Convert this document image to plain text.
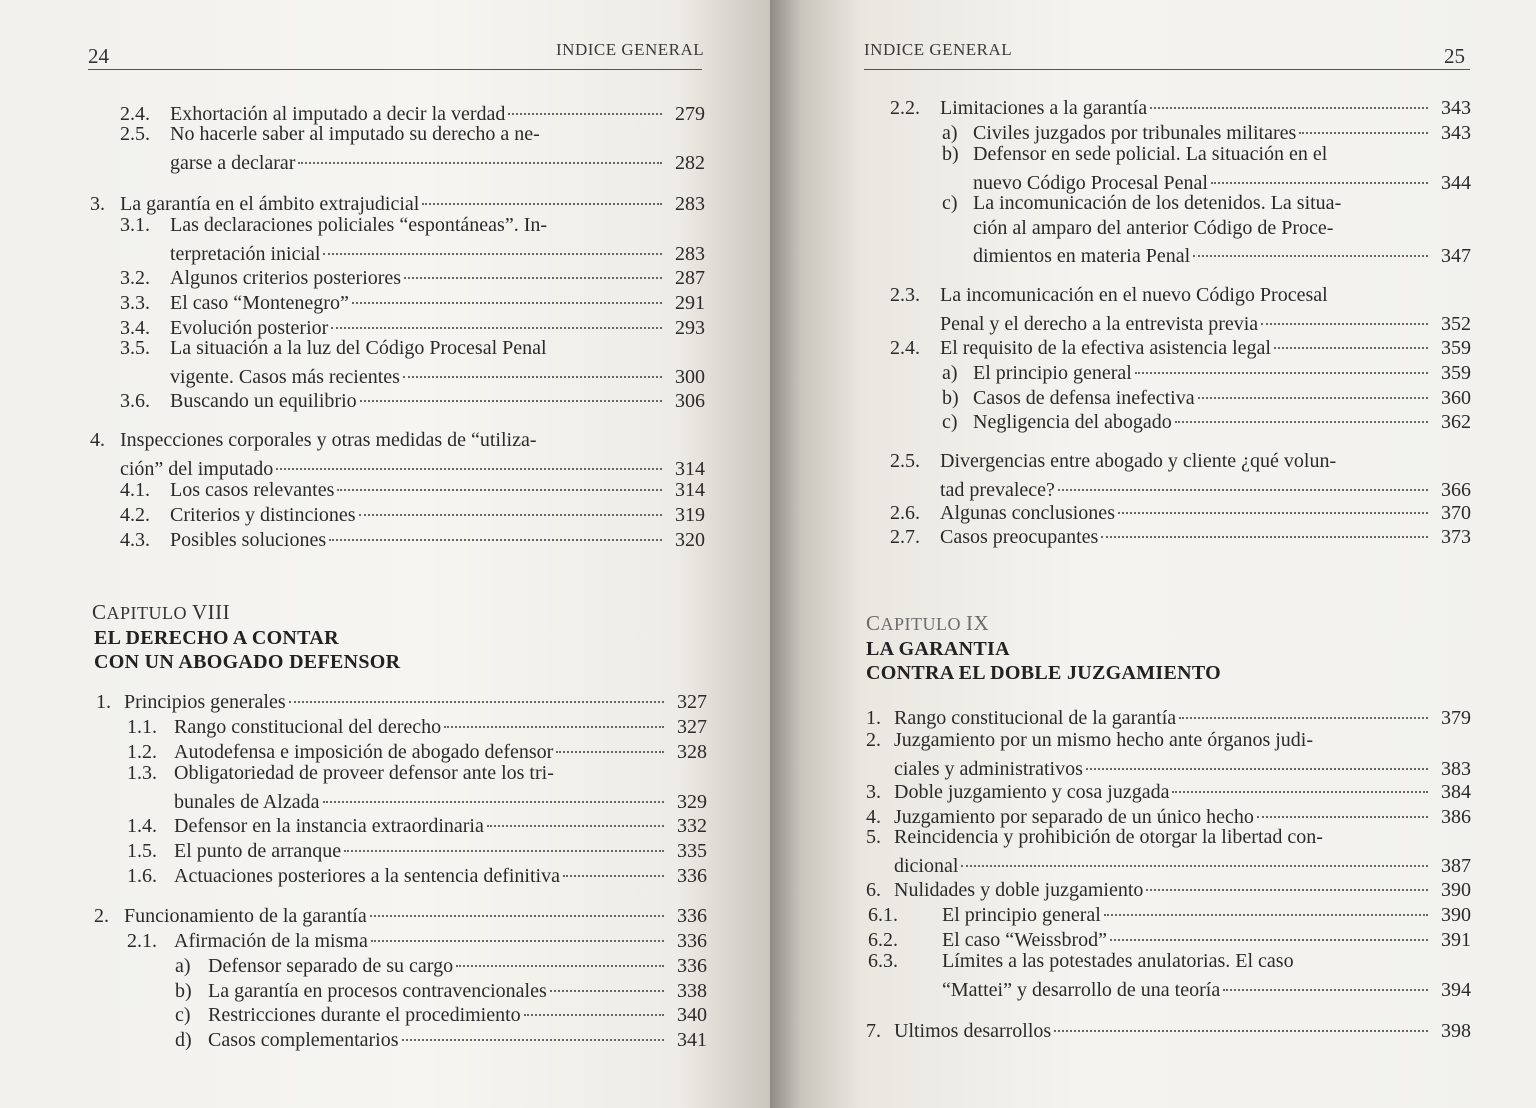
24	INDICE GENERAL
2.4.	Exhortación al imputado a decir la verdad	279
2.5.	No hacerle saber al imputado su derecho a ne-
garse a declarar	282
3. La garantía en el ámbito extrajudicial	283
3.1.	Las declaraciones policiales “espontáneas”. In-
terpretación inicial	283
3.2.	Algunos criterios posteriores	287
3.3.	El caso “Montenegro”	291
3.4.	Evolución posterior	293
3.5.	La situación a la luz del Código Procesal Penal
vigente. Casos más recientes	300
3.6.	Buscando un equilibrio	306
4. Inspecciones corporales y otras medidas de “utiliza-
ción” del imputado	314
4.1.	Los casos relevantes	314
4.2.	Criterios y distinciones	319
4.3.	Posibles soluciones	320
CAPITULO VIII
EL DERECHO A CONTAR
CON UN ABOGADO DEFENSOR
1. Principios generales	327
1.1. Rango constitucional del derecho	327
1.2. Autodefensa e imposición de abogado defensor	328
1.3. Obligatoriedad de proveer defensor ante los tri-
bunales de Alzada	329
1.4. Defensor en la instancia extraordinaria	332
1.5. El punto de arranque	335
1.6. Actuaciones posteriores a la sentencia definitiva	336
2. Funcionamiento de la garantía	336
2.1. Afirmación de la misma	336
a) Defensor separado de su cargo	336
b) La garantía en procesos contravencionales	338
c) Restricciones durante el procedimiento	340
d) Casos complementarios	341
INDICE GENERAL	25
2.2.	Limitaciones a la garantía	343
a) Civiles juzgados por tribunales militares	343
b) Defensor en sede policial. La situación en el
nuevo Código Procesal Penal	344
c) La incomunicación de los detenidos. La situa-
ción al amparo del anterior Código de Proce-
dimientos en materia Penal	347
2.3.	La incomunicación en el nuevo Código Procesal
Penal y el derecho a la entrevista previa	352
2.4.	El requisito de la efectiva asistencia legal	359
a) El principio general	359
b) Casos de defensa inefectiva	360
c) Negligencia del abogado	362
2.5.	Divergencias entre abogado y cliente ¿qué volun-
tad prevalece?	366
2.6.	Algunas conclusiones	370
2.7.	Casos preocupantes	373
CAPITULO IX
LA GARANTIA
CONTRA EL DOBLE JUZGAMIENTO
1. Rango constitucional de la garantía	379
2. Juzgamiento por un mismo hecho ante órganos judi-
ciales y administrativos	383
3. Doble juzgamiento y cosa juzgada	384
4. Juzgamiento por separado de un único hecho	386
5. Reincidencia y prohibición de otorgar la libertad con-
dicional	387
6. Nulidades y doble juzgamiento	390
6.1.	El principio general	390
6.2.	El caso “Weissbrod”	391
6.3.	Límites a las potestades anulatorias. El caso
“Mattei” y desarrollo de una teoría	394
7. Ultimos desarrollos	398
